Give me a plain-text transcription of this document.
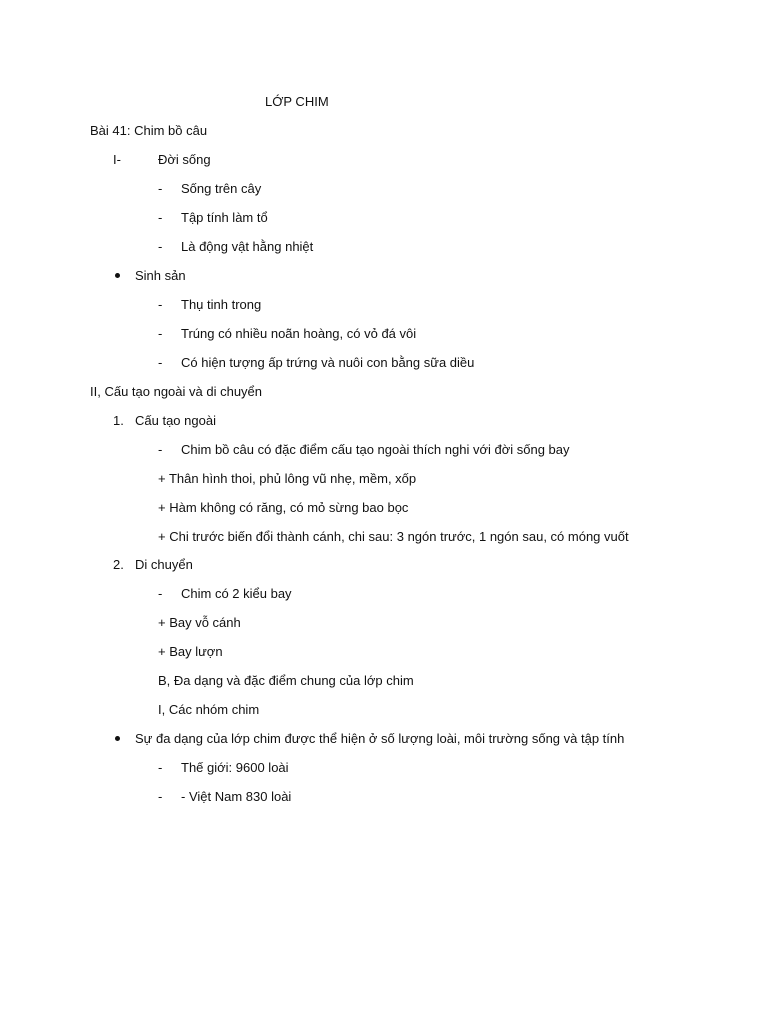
LỚP CHIM
Bài 41: Chim bồ câu
I-	Đời sống
- Sống trên cây
- Tập tính làm tổ
- Là động vật hằng nhiệt
Sinh sản
- Thụ tinh trong
- Trúng có nhiều noãn hoàng, có vỏ đá vôi
- Có hiện tượng ấp trứng và nuôi con bằng sữa diều
II, Cấu tạo ngoài và di chuyển
1. Cấu tạo ngoài
- Chim bồ câu có đặc điểm cấu tạo ngoài thích nghi với đời sống bay
+ Thân hình thoi, phủ lông vũ nhẹ, mềm, xốp
+ Hàm không có răng, có mỏ sừng bao bọc
+ Chi trước biến đổi thành cánh, chi sau: 3 ngón trước, 1 ngón sau, có móng vuốt
2. Di chuyển
- Chim có 2 kiểu bay
+ Bay vỗ cánh
+ Bay lượn
B, Đa dạng và đặc điểm chung của lớp chim
I, Các nhóm chim
Sự đa dạng của lớp chim được thể hiện ở số lượng loài, môi trường sống và tập tính
- Thế giới: 9600 loài
- - Việt Nam 830 loài
